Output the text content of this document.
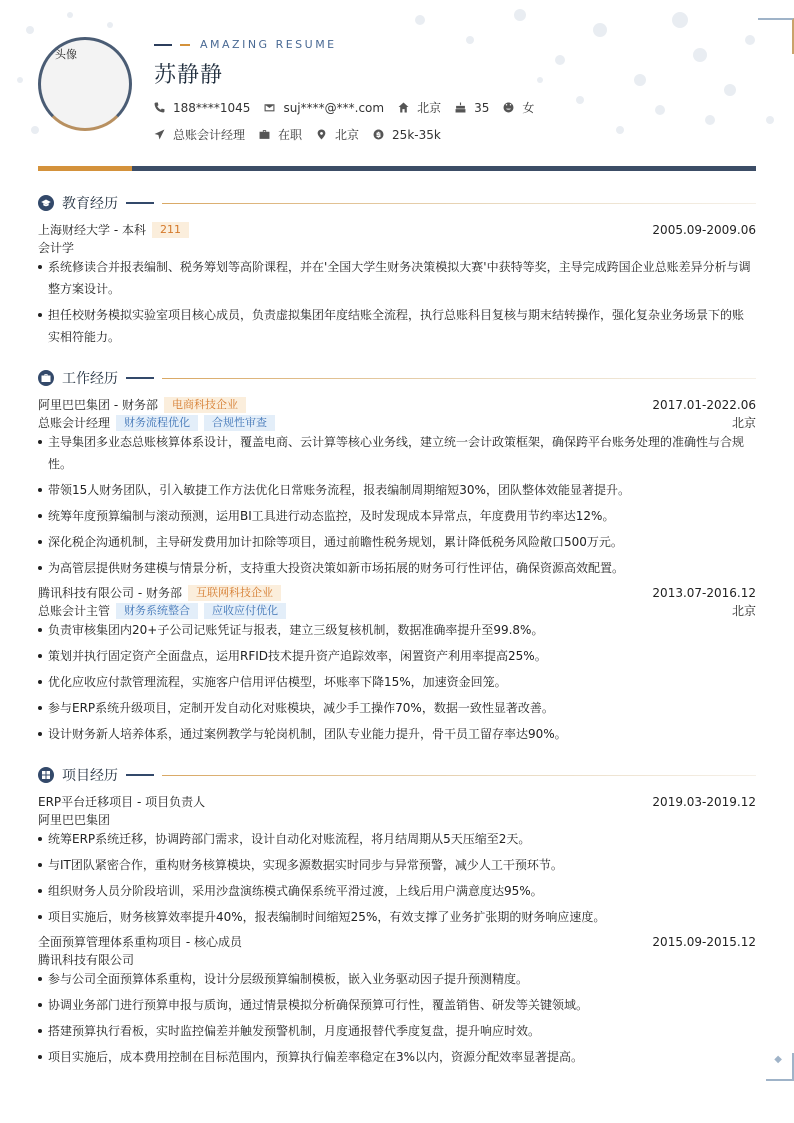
◆
头像
AMAZING RESUME
苏静静
188****1045	suj****@***.com	北京	35	女
总账会计经理	在职	北京	25k-35k
教育经历
上海财经大学 - 本科	211	2005.09-2009.06
会计学
系统修读合并报表编制、税务筹划等高阶课程，并在'全国大学生财务决策模拟大赛'中获特等奖，主导完成跨国企业总账差异分析与调
整方案设计。
担任校财务模拟实验室项目核心成员，负责虚拟集团年度结账全流程，执行总账科目复核与期末结转操作，强化复杂业务场景下的账
实相符能力。
工作经历
阿里巴巴集团 - 财务部	电商科技企业	2017.01-2022.06
总账会计经理	财务流程优化	合规性审查	北京
主导集团多业态总账核算体系设计，覆盖电商、云计算等核心业务线，建立统一会计政策框架，确保跨平台账务处理的准确性与合规
性。
带领15人财务团队，引入敏捷工作方法优化日常账务流程，报表编制周期缩短30%，团队整体效能显著提升。
统筹年度预算编制与滚动预测，运用BI工具进行动态监控，及时发现成本异常点，年度费用节约率达12%。
深化税企沟通机制，主导研发费用加计扣除等项目，通过前瞻性税务规划，累计降低税务风险敞口500万元。
为高管层提供财务建模与情景分析，支持重大投资决策如新市场拓展的财务可行性评估，确保资源高效配置。
腾讯科技有限公司 - 财务部	互联网科技企业	2013.07-2016.12
总账会计主管	财务系统整合	应收应付优化	北京
负责审核集团内20+子公司记账凭证与报表，建立三级复核机制，数据准确率提升至99.8%。
策划并执行固定资产全面盘点，运用RFID技术提升资产追踪效率，闲置资产利用率提高25%。
优化应收应付款管理流程，实施客户信用评估模型，坏账率下降15%，加速资金回笼。
参与ERP系统升级项目，定制开发自动化对账模块，减少手工操作70%，数据一致性显著改善。
设计财务新人培养体系，通过案例教学与轮岗机制，团队专业能力提升，骨干员工留存率达90%。
项目经历
ERP平台迁移项目 - 项目负责人	2019.03-2019.12
阿里巴巴集团
统筹ERP系统迁移，协调跨部门需求，设计自动化对账流程，将月结周期从5天压缩至2天。
与IT团队紧密合作，重构财务核算模块，实现多源数据实时同步与异常预警，减少人工干预环节。
组织财务人员分阶段培训，采用沙盘演练模式确保系统平滑过渡，上线后用户满意度达95%。
项目实施后，财务核算效率提升40%，报表编制时间缩短25%，有效支撑了业务扩张期的财务响应速度。
全面预算管理体系重构项目 - 核心成员	2015.09-2015.12
腾讯科技有限公司
参与公司全面预算体系重构，设计分层级预算编制模板，嵌入业务驱动因子提升预测精度。
协调业务部门进行预算申报与质询，通过情景模拟分析确保预算可行性，覆盖销售、研发等关键领域。
搭建预算执行看板，实时监控偏差并触发预警机制，月度通报替代季度复盘，提升响应时效。
项目实施后，成本费用控制在目标范围内，预算执行偏差率稳定在3%以内，资源分配效率显著提高。
